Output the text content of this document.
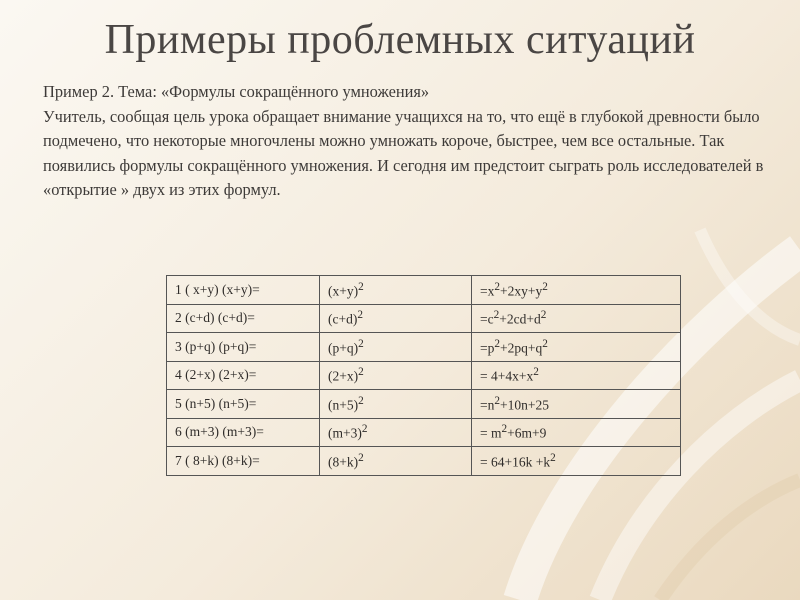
Примеры проблемных ситуаций

Пример 2. Тема: «Формулы сокращённого умножения»

Учитель, сообщая цель урока обращает внимание учащихся на то, что ещё в глубокой древности было подмечено, что некоторые многочлены можно умножать короче, быстрее, чем все остальные. Так появились формулы сокращённого умножения. И сегодня им предстоит сыграть роль исследователей в «открытие » двух из этих формул.

1 ( x+y) (x+y)=	$(x+y)^2$	$=x^2+2xy+y^2$
2 (c+d) (c+d)=	$(c+d)^2$	$=c^2+2cd+d^2$
3 (p+q) (p+q)=	$(p+q)^2$	$=p^2+2pq+q^2$
4 (2+x) (2+x)=	$(2+x)^2$	= $4+4x+x^2$
5 (n+5) (n+5)=	$(n+5)^2$	$=n^2+10n+25$
6 (m+3) (m+3)=	$(m+3)^2$	= $m^2+6m+9$
7 ( 8+k) (8+k)=	$(8+k)^2$	= $64+16k +k^2$
